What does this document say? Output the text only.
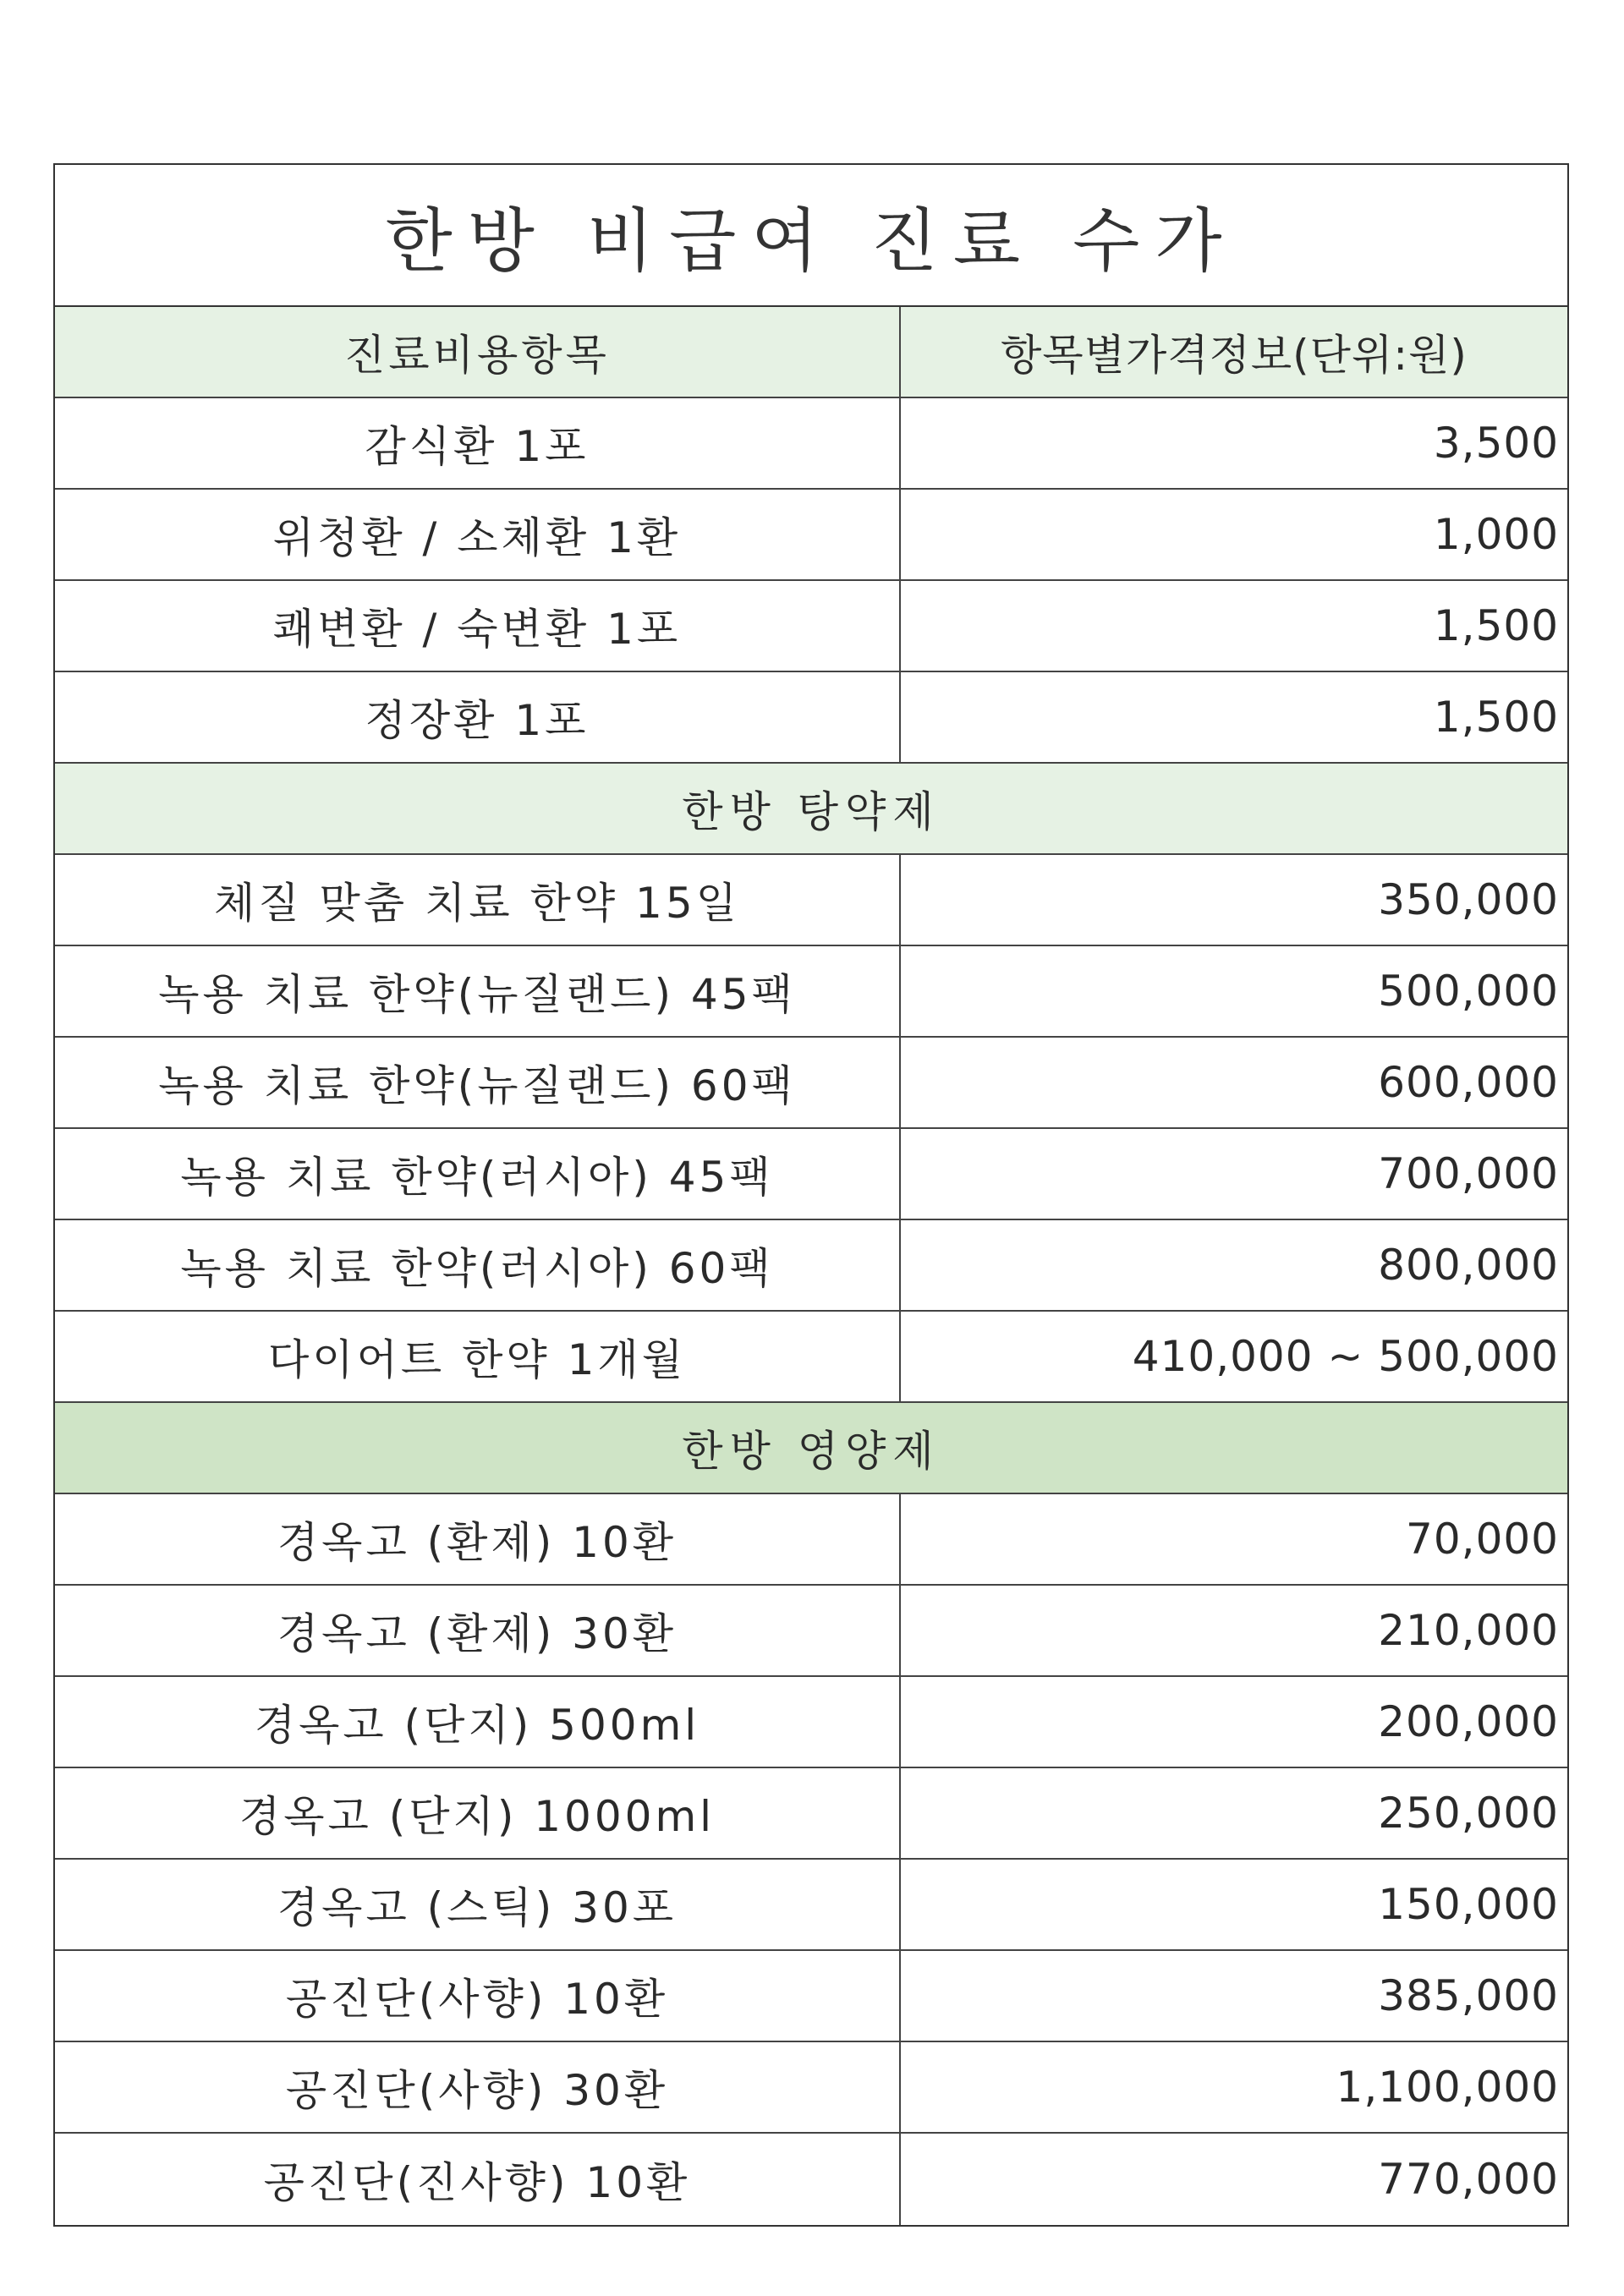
한방 비급여 진료 수가
진료비용항목	항목별가격정보(단위:원)
감식환 1포	3,500
위청환 / 소체환 1환	1,000
쾌변환 / 숙변환 1포	1,500
정장환 1포	1,500
한방 탕약제
체질 맞춤 치료 한약 15일	350,000
녹용 치료 한약(뉴질랜드) 45팩	500,000
녹용 치료 한약(뉴질랜드) 60팩	600,000
녹용 치료 한약(러시아) 45팩	700,000
녹용 치료 한약(러시아) 60팩	800,000
다이어트 한약 1개월	410,000 ~ 500,000
한방 영양제
경옥고 (환제) 10환	70,000
경옥고 (환제) 30환	210,000
경옥고 (단지) 500ml	200,000
경옥고 (단지) 1000ml	250,000
경옥고 (스틱) 30포	150,000
공진단(사향) 10환	385,000
공진단(사향) 30환	1,100,000
공진단(진사향) 10환	770,000
